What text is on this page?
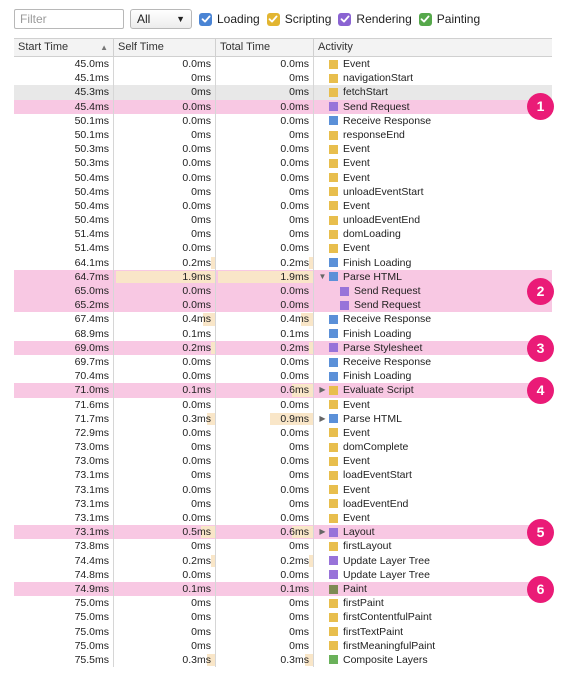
Filter
All	▼	Loading Scripting Rendering Painting
Start Time	▲ Self Time	Total Time	Activity
45.0ms	0.0ms	0.0ms	Event
45.1ms	0ms	0ms	navigationStart
45.3ms	0ms	0ms	fetchStart
45.4ms	0.0ms	0.0ms	Send Request
50.1ms	0.0ms	0.0ms	Receive Response
50.1ms	0ms	0ms	responseEnd
50.3ms	0.0ms	0.0ms	Event
50.3ms	0.0ms	0.0ms	Event
50.4ms	0.0ms	0.0ms	Event
50.4ms	0ms	0ms	unloadEventStart
50.4ms	0.0ms	0.0ms	Event
50.4ms	0ms	0ms	unloadEventEnd
51.4ms	0ms	0ms	domLoading
51.4ms	0.0ms	0.0ms	Event
64.1ms	0.2ms	0.2ms	Finish Loading
64.7ms	1.9ms	1.9ms	▼ Parse HTML
65.0ms	0.0ms	0.0ms	Send Request
65.2ms	0.0ms	0.0ms	Send Request
67.4ms	0.4ms	0.4ms	Receive Response
68.9ms	0.1ms	0.1ms	Finish Loading
69.0ms	0.2ms	0.2ms	Parse Stylesheet
69.7ms	0.0ms	0.0ms	Receive Response
70.4ms	0.0ms	0.0ms	Finish Loading
71.0ms	0.1ms	0.6ms	▶ Evaluate Script
71.6ms	0.0ms	0.0ms	Event
71.7ms	0.3ms	0.9ms	▶ Parse HTML
72.9ms	0.0ms	0.0ms	Event
73.0ms	0ms	0ms	domComplete
73.0ms	0.0ms	0.0ms	Event
73.1ms	0ms	0ms	loadEventStart
73.1ms	0.0ms	0.0ms	Event
73.1ms	0ms	0ms	loadEventEnd
73.1ms	0.0ms	0.0ms	Event
73.1ms	0.5ms	0.6ms	▶ Layout
73.8ms	0ms	0ms	firstLayout
74.4ms	0.2ms	0.2ms	Update Layer Tree
74.8ms	0.0ms	0.0ms	Update Layer Tree
74.9ms	0.1ms	0.1ms	Paint
75.0ms	0ms	0ms	firstPaint
75.0ms	0ms	0ms	firstContentfulPaint
75.0ms	0ms	0ms	firstTextPaint
75.0ms	0ms	0ms	firstMeaningfulPaint
75.5ms	0.3ms	0.3ms	Composite Layers
1
2
3
4
5
6
